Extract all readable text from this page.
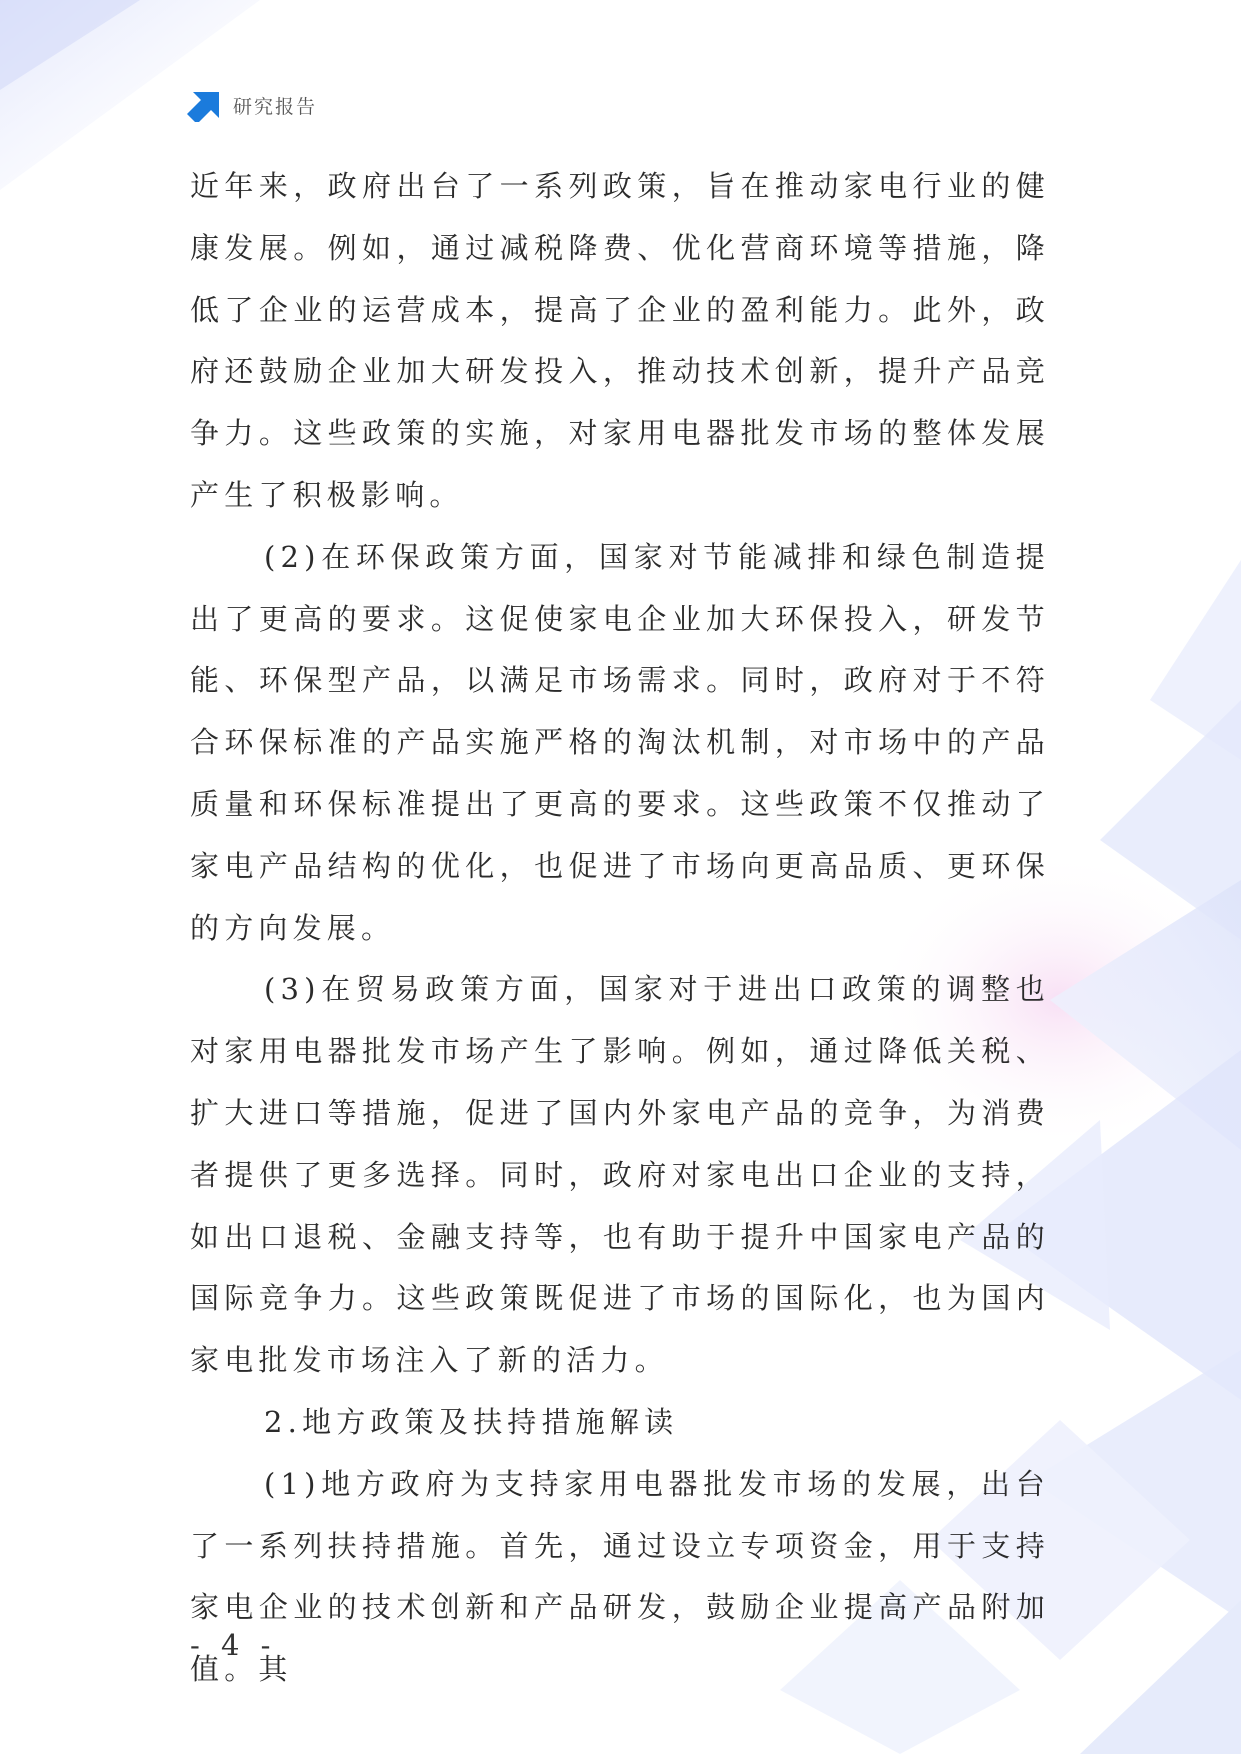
研究报告

近年来，政府出台了一系列政策，旨在推动家电行业的健康发展。例如，通过减税降费、优化营商环境等措施，降低了企业的运营成本，提高了企业的盈利能力。此外，政府还鼓励企业加大研发投入，推动技术创新，提升产品竞争力。这些政策的实施，对家用电器批发市场的整体发展产生了积极影响。

(2)在环保政策方面，国家对节能减排和绿色制造提出了更高的要求。这促使家电企业加大环保投入，研发节能、环保型产品，以满足市场需求。同时，政府对于不符合环保标准的产品实施严格的淘汰机制，对市场中的产品质量和环保标准提出了更高的要求。这些政策不仅推动了家电产品结构的优化，也促进了市场向更高品质、更环保的方向发展。

(3)在贸易政策方面，国家对于进出口政策的调整也对家用电器批发市场产生了影响。例如，通过降低关税、扩大进口等措施，促进了国内外家电产品的竞争，为消费者提供了更多选择。同时，政府对家电出口企业的支持，如出口退税、金融支持等，也有助于提升中国家电产品的国际竞争力。这些政策既促进了市场的国际化，也为国内家电批发市场注入了新的活力。

2.地方政策及扶持措施解读

(1)地方政府为支持家用电器批发市场的发展，出台了一系列扶持措施。首先，通过设立专项资金，用于支持家电企业的技术创新和产品研发，鼓励企业提高产品附加值。其

- 4 -
